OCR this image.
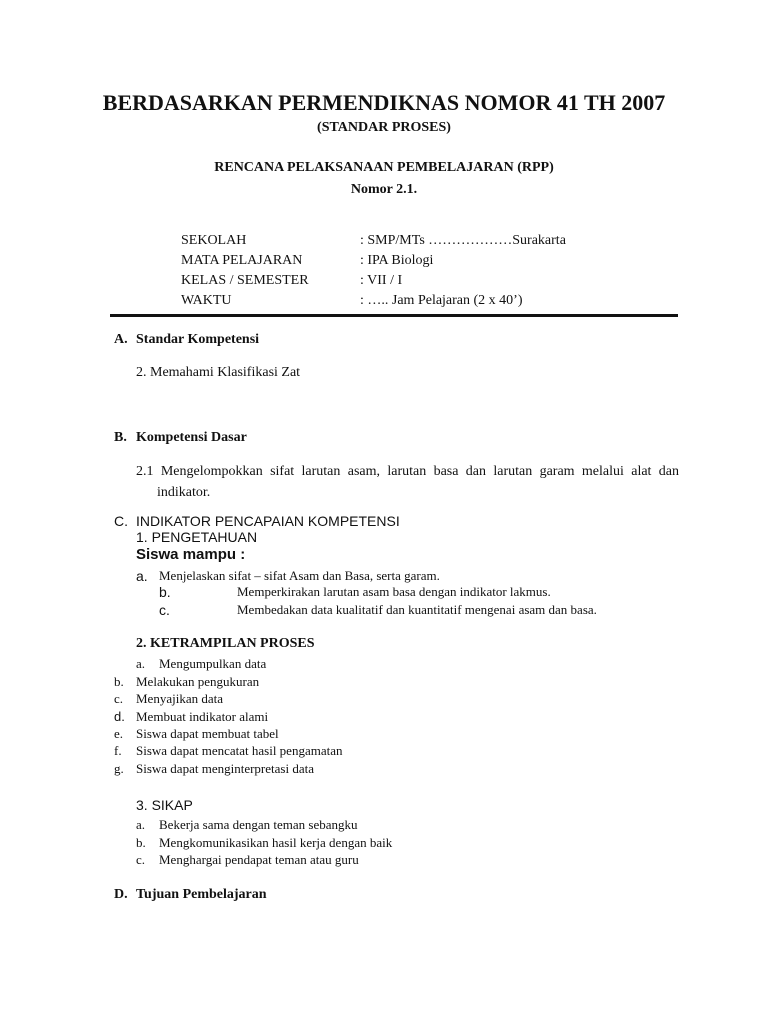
BERDASARKAN PERMENDIKNAS NOMOR 41 TH 2007
(STANDAR PROSES)
RENCANA PELAKSANAAN PEMBELAJARAN (RPP)
Nomor 2.1.
SEKOLAH	: SMP/MTs ………………Surakarta
MATA PELAJARAN	: IPA Biologi
KELAS / SEMESTER	: VII / I
WAKTU	: ….. Jam Pelajaran (2 x 40’)
A. Standar Kompetensi
2. Memahami Klasifikasi Zat
B. Kompetensi Dasar
2.1 Mengelompokkan sifat larutan asam, larutan basa dan larutan garam melalui alat dan indikator.
C. INDIKATOR PENCAPAIAN KOMPETENSI
1. PENGETAHUAN
Siswa mampu :
a. Menjelaskan sifat – sifat Asam dan Basa, serta garam.
b.	Memperkirakan larutan asam basa dengan indikator lakmus.
c.	Membedakan data kualitatif dan kuantitatif mengenai asam dan basa.
2. KETRAMPILAN PROSES
a. Mengumpulkan data
b. Melakukan pengukuran
c. Menyajikan data
d. Membuat indikator alami
e. Siswa dapat membuat tabel
f. Siswa dapat mencatat hasil pengamatan
g. Siswa dapat menginterpretasi data
3. SIKAP
a. Bekerja sama dengan teman sebangku
b. Mengkomunikasikan hasil kerja dengan baik
c. Menghargai pendapat teman atau guru
D. Tujuan Pembelajaran
